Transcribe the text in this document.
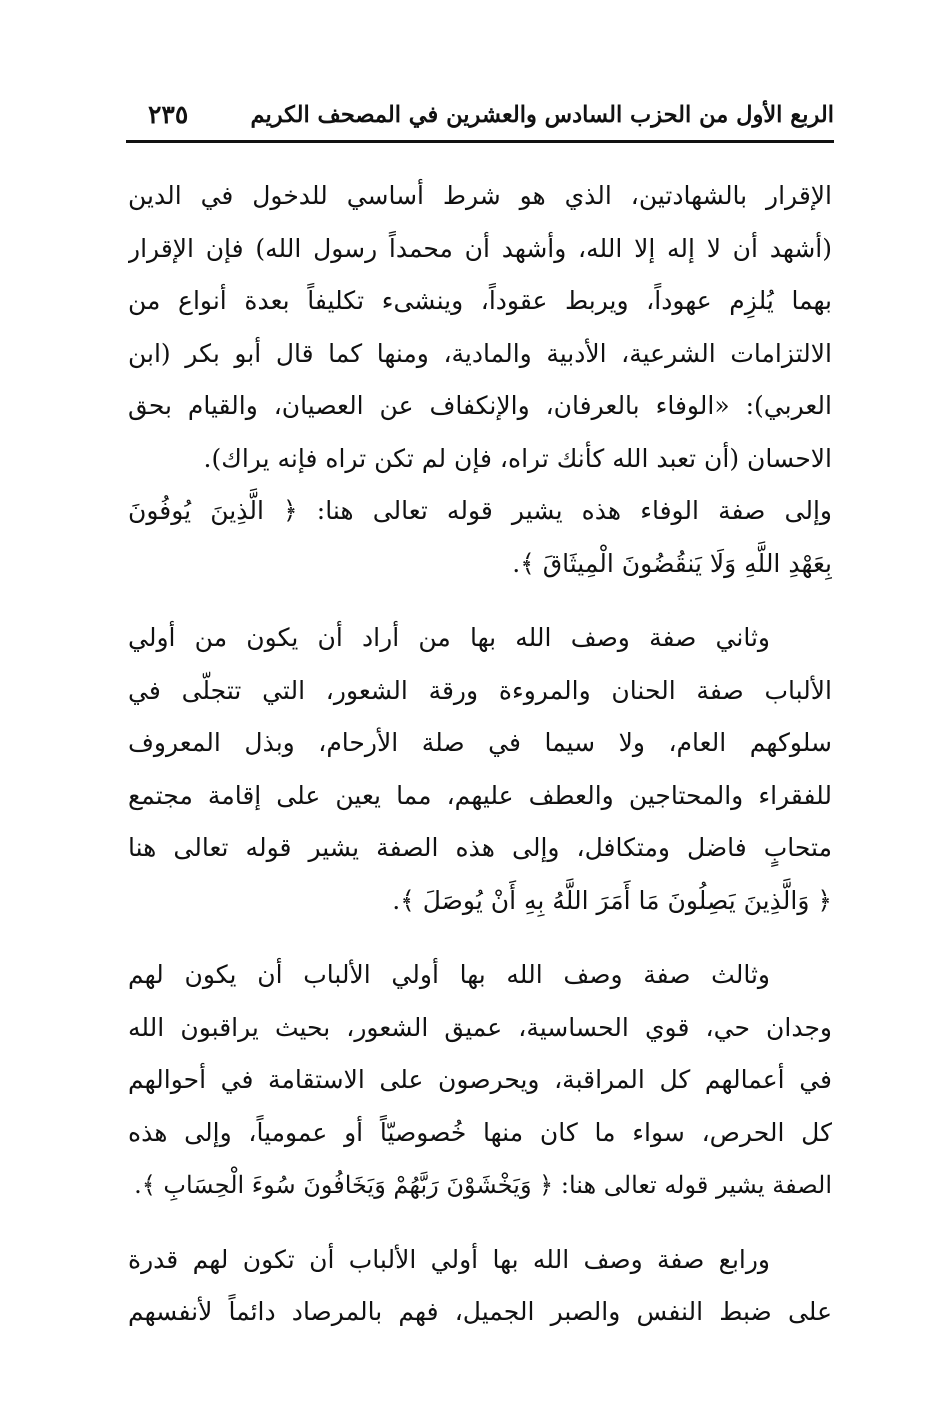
الربع الأول من الحزب السادس والعشرين في المصحف الكريم
٢٣٥
الإقرار بالشهادتين، الذي هو شرط أساسي للدخول في الدين
(أشهد أن لا إله إلا الله، وأشهد أن محمداً رسول الله) فإن الإقرار
بهما يُلزِم عهوداً، ويربط عقوداً، وينشىء تكليفاً بعدة أنواع من
الالتزامات الشرعية، الأدبية والمادية، ومنها كما قال أبو بكر (ابن
العربي): «الوفاء بالعرفان، والإنكفاف عن العصيان، والقيام بحق
الاحسان (أن تعبد الله كأنك تراه، فإن لم تكن تراه فإنه يراك).
وإلى صفة الوفاء هذه يشير قوله تعالى هنا: ﴿ الَّذِينَ يُوفُونَ
بِعَهْدِ اللَّهِ وَلَا يَنقُضُونَ الْمِيثَاقَ ﴾.
وثاني صفة وصف الله بها من أراد أن يكون من أولي
الألباب صفة الحنان والمروءة ورقة الشعور، التي تتجلّى في
سلوكهم العام، ولا سيما في صلة الأرحام، وبذل المعروف
للفقراء والمحتاجين والعطف عليهم، مما يعين على إقامة مجتمع
متحابٍ فاضل ومتكافل، وإلى هذه الصفة يشير قوله تعالى هنا
﴿ وَالَّذِينَ يَصِلُونَ مَا أَمَرَ اللَّهُ بِهِ أَنْ يُوصَلَ ﴾.
وثالث صفة وصف الله بها أولي الألباب أن يكون لهم
وجدان حي، قوي الحساسية، عميق الشعور، بحيث يراقبون الله
في أعمالهم كل المراقبة، ويحرصون على الاستقامة في أحوالهم
كل الحرص، سواء ما كان منها خُصوصيّاً أو عمومياً، وإلى هذه
الصفة يشير قوله تعالى هنا: ﴿ وَيَخْشَوْنَ رَبَّهُمْ وَيَخَافُونَ سُوءَ الْحِسَابِ ﴾.
ورابع صفة وصف الله بها أولي الألباب أن تكون لهم قدرة
على ضبط النفس والصبر الجميل، فهم بالمرصاد دائماً لأنفسهم
